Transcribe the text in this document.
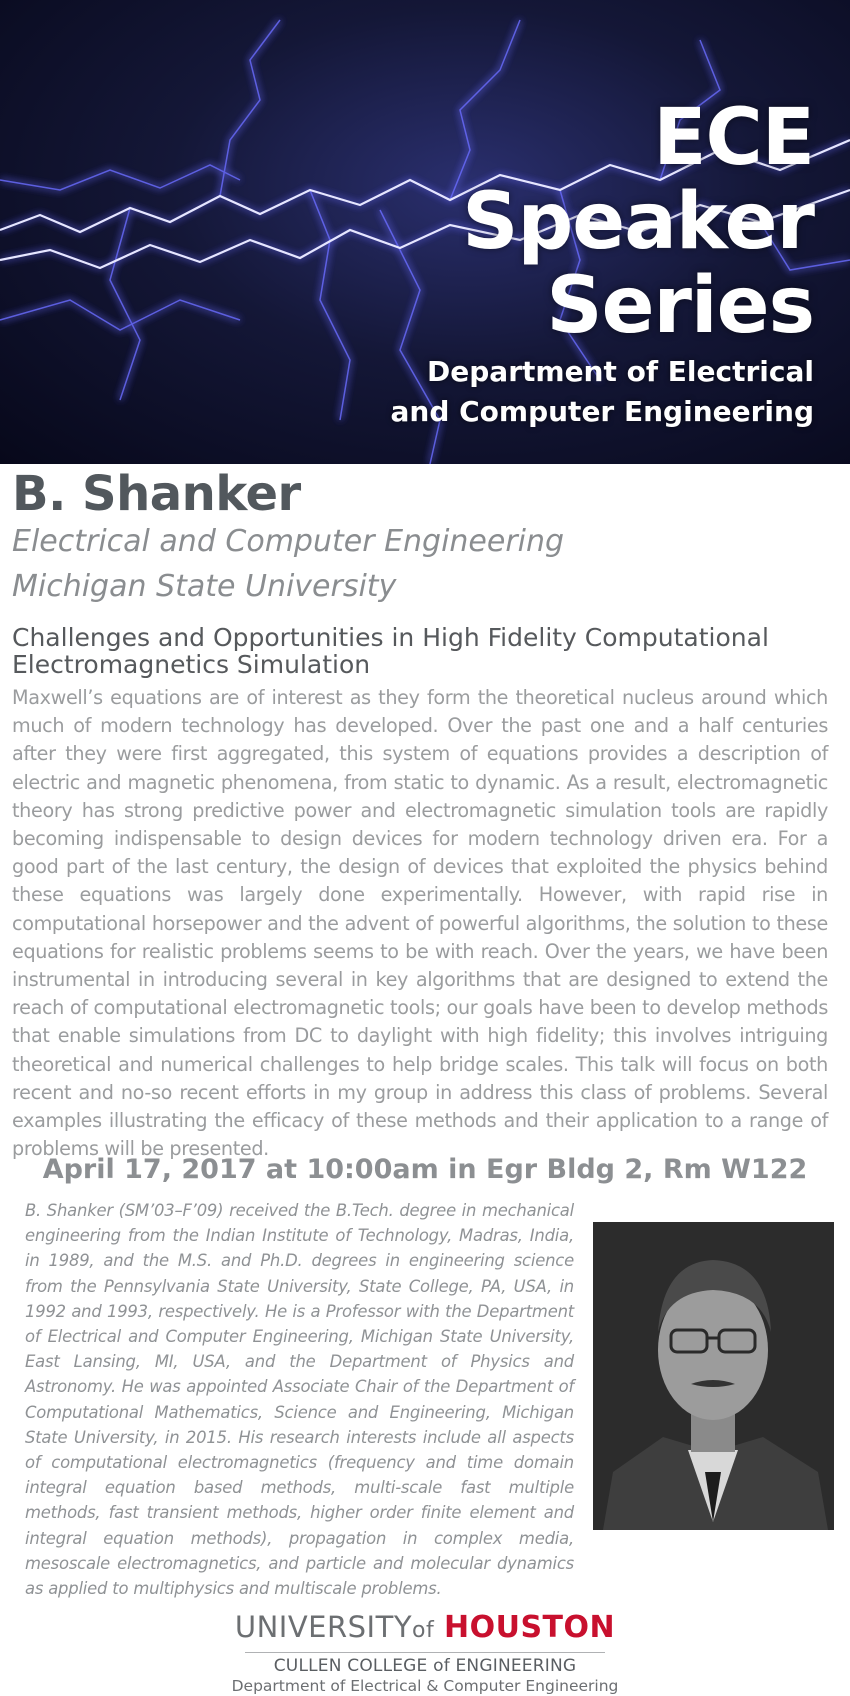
ECE
Speaker
Series
Department of Electrical
and Computer Engineering
B. Shanker
Electrical and Computer Engineering
Michigan State University
Challenges and Opportunities in High Fidelity Computational Electromagnetics Simulation
Maxwell’s equations are of interest as they form the theoretical nucleus around which much of modern technology has developed. Over the past one and a half centuries after they were first aggregated, this system of equations provides a description of electric and magnetic phenomena, from static to dynamic. As a result, electromagnetic theory has strong predictive power and electromagnetic simulation tools are rapidly becoming indispensable to design devices for modern technology driven era. For a good part of the last century, the design of devices that exploited the physics behind these equations was largely done experimentally. However, with rapid rise in computational horsepower and the advent of powerful algorithms, the solution to these equations for realistic problems seems to be with reach. Over the years, we have been instrumental in introducing several in key algorithms that are designed to extend the reach of computational electromagnetic tools; our goals have been to develop methods that enable simulations from DC to daylight with high fidelity; this involves intriguing theoretical and numerical challenges to help bridge scales. This talk will focus on both recent and no-so recent efforts in my group in address this class of problems. Several examples illustrating the efficacy of these methods and their application to a range of problems will be presented.
April 17, 2017 at 10:00am in Egr Bldg 2, Rm W122
B. Shanker (SM’03–F’09) received the B.Tech. degree in mechanical engineering from the Indian Institute of Technology, Madras, India, in 1989, and the M.S. and Ph.D. degrees in engineering science from the Pennsylvania State University, State College, PA, USA, in 1992 and 1993, respectively. He is a Professor with the Department of Electrical and Computer Engineering, Michigan State University, East Lansing, MI, USA, and the Department of Physics and Astronomy. He was appointed Associate Chair of the Department of Computational Mathematics, Science and Engineering, Michigan State University, in 2015. His research interests include all aspects of computational electromagnetics (frequency and time domain integral equation based methods, multi-scale fast multiple methods, fast transient methods, higher order finite element and integral equation methods), propagation in complex media, mesoscale electromagnetics, and particle and molecular dynamics as applied to multiphysics and multiscale problems.
UNIVERSITYof HOUSTON
CULLEN COLLEGE of ENGINEERING
Department of Electrical & Computer Engineering
